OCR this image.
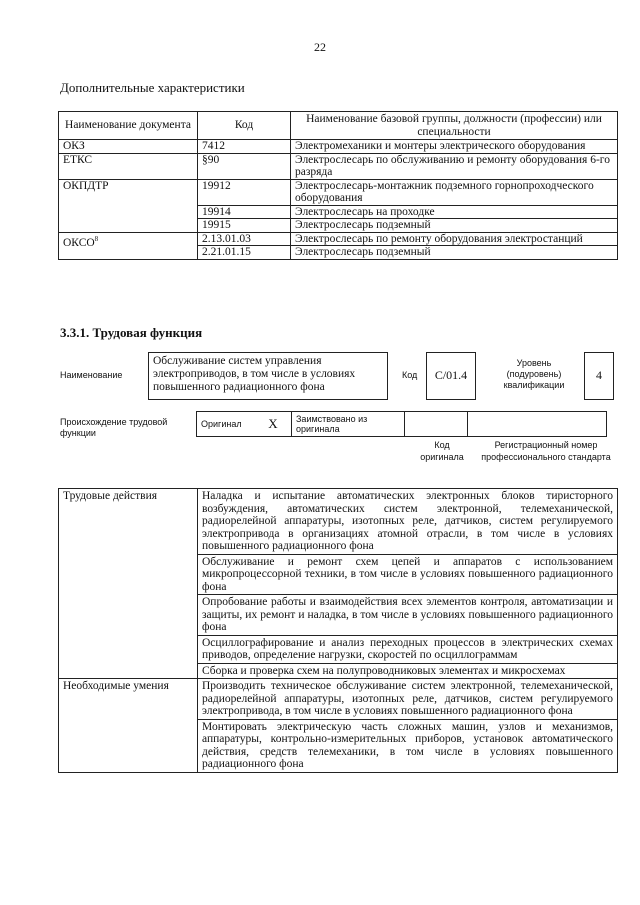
22
Дополнительные характеристики
Наименование документа	Код	Наименование базовой группы, должности (профессии) или специальности
ОКЗ	7412	Электромеханики и монтеры электрического оборудования
ЕТКС	§90	Электрослесарь по обслуживанию и ремонту оборудования 6-го разряда
ОКПДТР	19912	Электрослесарь-монтажник подземного горнопроходческого оборудования
	19914	Электрослесарь на проходке
	19915	Электрослесарь подземный
ОКСО$^8$	2.13.01.03	Электрослесарь по ремонту оборудования электростанций
	2.21.01.15	Электрослесарь подземный
3.3.1. Трудовая функция
Наименование
Обслуживание систем управления электроприводов, в том числе в условиях повышенного радиационного фона
Код	C/01.4
Уровень (подуровень) квалификации
4
Происхождение трудовой функции
Оригинал	X	Заимствовано из оригинала		
Код оригинала
Регистрационный номер профессионального стандарта
Трудовые действия	Наладка и испытание автоматических электронных блоков тиристорного возбуждения, автоматических систем электронной, телемеханической, радиорелейной аппаратуры, изотопных реле, датчиков, систем регулируемого электропривода в организациях атомной отрасли, в том числе в условиях повышенного радиационного фона
	Обслуживание и ремонт схем цепей и аппаратов с использованием микропроцессорной техники, в том числе в условиях повышенного радиационного фона
	Опробование работы и взаимодействия всех элементов контроля, автоматизации и защиты, их ремонт и наладка, в том числе в условиях повышенного радиационного фона
	Осциллографирование и анализ переходных процессов в электрических схемах приводов, определение нагрузки, скоростей по осциллограммам
	Сборка и проверка схем на полупроводниковых элементах и микросхемах
Необходимые умения	Производить техническое обслуживание систем электронной, телемеханической, радиорелейной аппаратуры, изотопных реле, датчиков, систем регулируемого электропривода, в том числе в условиях повышенного радиационного фона
	Монтировать электрическую часть сложных машин, узлов и механизмов, аппаратуры, контрольно-измерительных приборов, установок автоматического действия, средств телемеханики, в том числе в условиях повышенного радиационного фона
